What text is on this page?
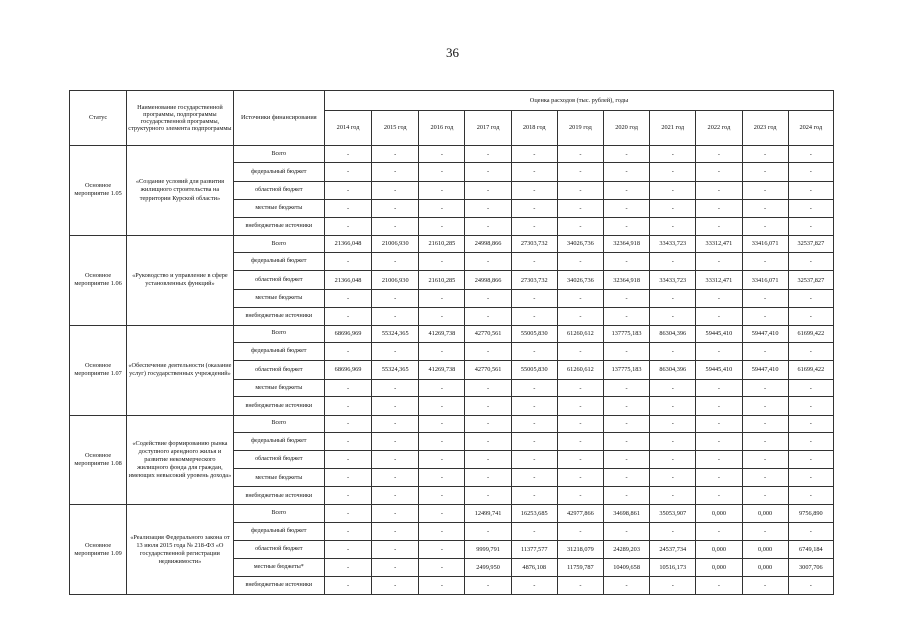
36
Статус	Наименование государственной программы, подпрограммы государственной программы, структурного элемента подпрограммы	Источники финансирования	Оценка расходов (тыс. рублей), годы										
			2014 год	2015 год	2016 год	2017 год	2018 год	2019 год	2020 год	2021 год	2022 год	2023 год	2024 год
Основное мероприятие 1.05	«Создание условий для развития жилищного строительства на территории Курской области»	Всего	-	-	-	-	-	-	-	-	-	-	-
		федеральный бюджет	-	-	-	-	-	-	-	-	-	-	-
		областной бюджет	-	-	-	-	-	-	-	-	-	-	-
		местные бюджеты	-	-	-	-	-	-	-	-	-	-	-
		внебюджетные источники	-	-	-	-	-	-	-	-	-	-	-
Основное мероприятие 1.06	«Руководство и управление в сфере установленных функций»	Всего	21366,048	21006,930	21610,285	24998,866	27303,732	34026,736	32364,918	33433,723	33312,471	33416,071	32537,827
		федеральный бюджет	-	-	-	-	-	-	-	-	-	-	-
		областной бюджет	21366,048	21006,930	21610,285	24998,866	27303,732	34026,736	32364,918	33433,723	33312,471	33416,071	32537,827
		местные бюджеты	-	-	-	-	-	-	-	-	-	-	-
		внебюджетные источники	-	-	-	-	-	-	-	-	-	-	-
Основное мероприятие 1.07	«Обеспечение деятельности (оказание услуг) государственных учреждений»	Всего	68696,969	55324,365	41269,738	42770,561	55005,830	61260,612	137775,183	86304,396	59445,410	59447,410	61699,422
		федеральный бюджет	-	-	-	-	-	-	-	-	-	-	-
		областной бюджет	68696,969	55324,365	41269,738	42770,561	55005,830	61260,612	137775,183	86304,396	59445,410	59447,410	61699,422
		местные бюджеты	-	-	-	-	-	-	-	-	-	-	-
		внебюджетные источники	-	-	-	-	-	-	-	-	-	-	-
Основное мероприятие 1.08	«Содействие формированию рынка доступного арендного жилья и развитие некоммерческого жилищного фонда для граждан, имеющих невысокий уровень дохода»	Всего	-	-	-	-	-	-	-	-	-	-	-
		федеральный бюджет	-	-	-	-	-	-	-	-	-	-	-
		областной бюджет	-	-	-	-	-	-	-	-	-	-	-
		местные бюджеты	-	-	-	-	-	-	-	-	-	-	-
		внебюджетные источники	-	-	-	-	-	-	-	-	-	-	-
Основное мероприятие 1.09	«Реализация Федерального закона от 13 июля 2015 года № 218-ФЗ «О государственной регистрации недвижимости»	Всего	-	-	-	12499,741	16253,685	42977,866	34698,861	35053,907	0,000	0,000	9756,890
		федеральный бюджет	-	-	-	-	-	-	-	-	-	-	-
		областной бюджет	-	-	-	9999,791	11377,577	31218,079	24289,203	24537,734	0,000	0,000	6749,184
		местные бюджеты*	-	-	-	2499,950	4876,108	11759,787	10409,658	10516,173	0,000	0,000	3007,706
		внебюджетные источники	-	-	-	-	-	-	-	-	-	-	-
